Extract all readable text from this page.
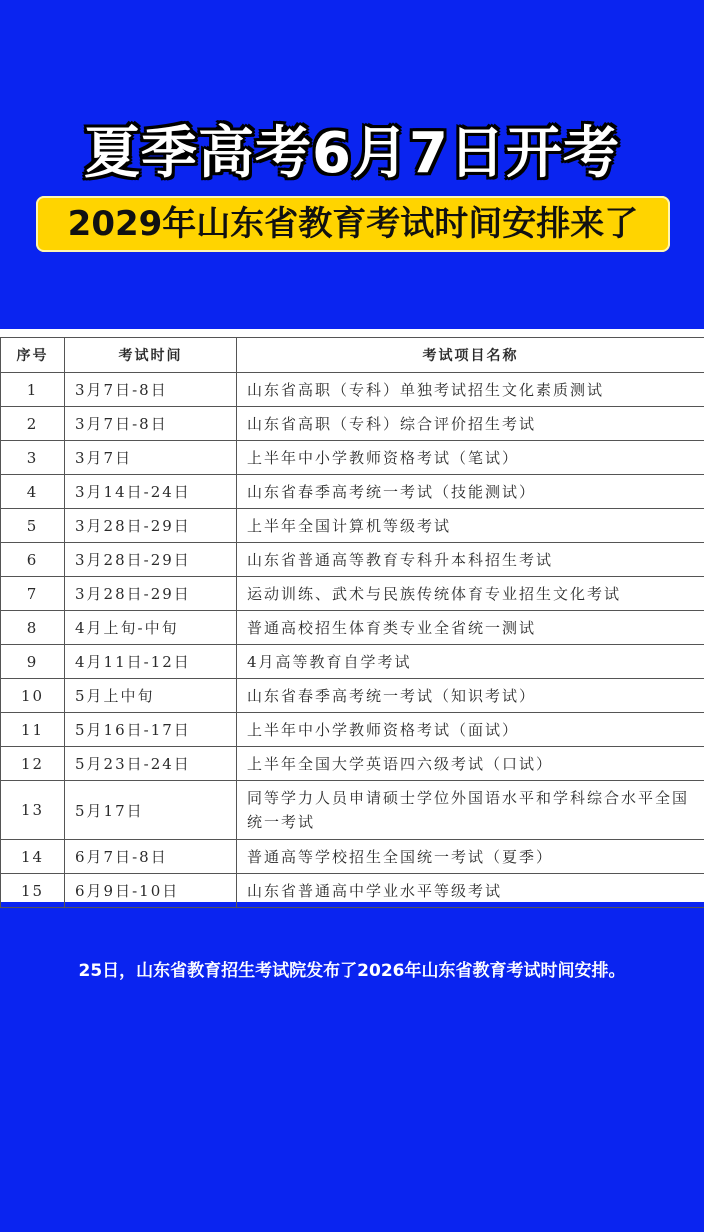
夏季高考6月7日开考
2029年山东省教育考试时间安排来了
序号	考试时间	考试项目名称
1	3月7日-8日	山东省高职（专科）单独考试招生文化素质测试
2	3月7日-8日	山东省高职（专科）综合评价招生考试
3	3月7日	上半年中小学教师资格考试（笔试）
4	3月14日-24日	山东省春季高考统一考试（技能测试）
5	3月28日-29日	上半年全国计算机等级考试
6	3月28日-29日	山东省普通高等教育专科升本科招生考试
7	3月28日-29日	运动训练、武术与民族传统体育专业招生文化考试
8	4月上旬-中旬	普通高校招生体育类专业全省统一测试
9	4月11日-12日	4月高等教育自学考试
10	5月上中旬	山东省春季高考统一考试（知识考试）
11	5月16日-17日	上半年中小学教师资格考试（面试）
12	5月23日-24日	上半年全国大学英语四六级考试（口试）
13	5月17日	同等学力人员申请硕士学位外国语水平和学科综合水平全国统一考试
14	6月7日-8日	普通高等学校招生全国统一考试（夏季）
15	6月9日-10日	山东省普通高中学业水平等级考试
25日，山东省教育招生考试院发布了2026年山东省教育考试时间安排。
